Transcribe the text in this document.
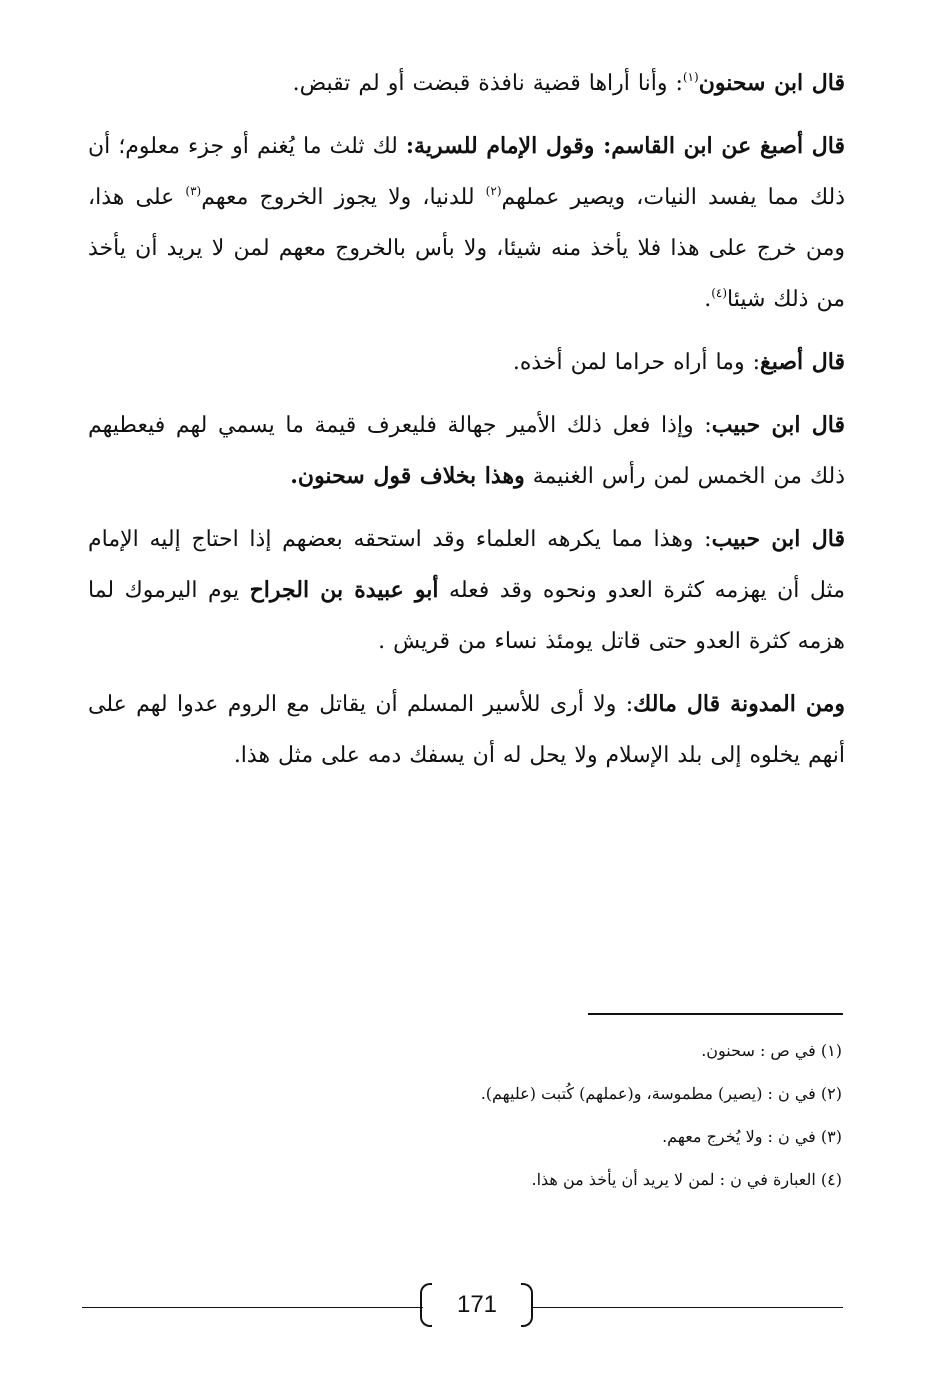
قال ابن سحنون$^{(١)}$: وأنا أراها قضية نافذة قبضت أو لم تقبض.

قال أصبغ عن ابن القاسم: وقول الإمام للسرية: لك ثلث ما يُغنم أو جزء معلوم؛ أن ذلك مما يفسد النيات، ويصير عملهم$^{(٢)}$ للدنيا، ولا يجوز الخروج معهم$^{(٣)}$ على هذا، ومن خرج على هذا فلا يأخذ منه شيئا، ولا بأس بالخروج معهم لمن لا يريد أن يأخذ من ذلك شيئا$^{(٤)}$.

قال أصبغ: وما أراه حراما لمن أخذه.

قال ابن حبيب: وإذا فعل ذلك الأمير جهالة فليعرف قيمة ما يسمي لهم فيعطيهم ذلك من الخمس لمن رأس الغنيمة وهذا بخلاف قول سحنون.

قال ابن حبيب: وهذا مما يكرهه العلماء وقد استحقه بعضهم إذا احتاج إليه الإمام مثل أن يهزمه كثرة العدو ونحوه وقد فعله أبو عبيدة بن الجراح يوم اليرموك لما هزمه كثرة العدو حتى قاتل يومئذ نساء من قريش .

ومن المدونة قال مالك: ولا أرى للأسير المسلم أن يقاتل مع الروم عدوا لهم على أنهم يخلوه إلى بلد الإسلام ولا يحل له أن يسفك دمه على مثل هذا.

(١) في ص : سحنون.
(٢) في ن : (يصير) مطموسة، و(عملهم) كُتبت (عليهم).
(٣) في ن : ولا يُخرج معهم.
(٤) العبارة في ن : لمن لا يريد أن يأخذ من هذا.
171
